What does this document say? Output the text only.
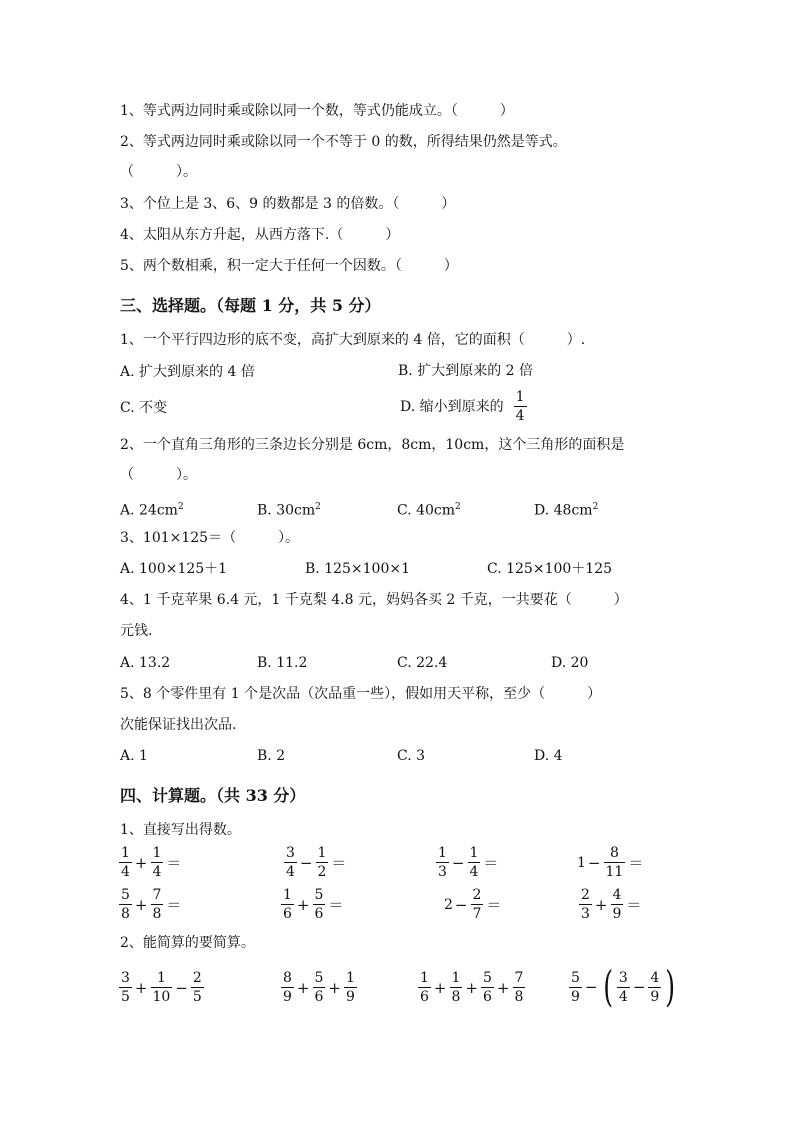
1、等式两边同时乘或除以同一个数，等式仍能成立。（　　　）
2、等式两边同时乘或除以同一个不等于 0 的数，所得结果仍然是等式。
（　　　）。
3、个位上是 3、6、9 的数都是 3 的倍数。（　　　）
4、太阳从东方升起，从西方落下.（　　　）
5、两个数相乘，积一定大于任何一个因数。（　　　）
三、选择题。（每题 1 分，共 5 分）
1、一个平行四边形的底不变，高扩大到原来的 4 倍，它的面积（　　　）.
A. 扩大到原来的 4 倍	B. 扩大到原来的 2 倍
C. 不变	D. 缩小到原来的 $\frac{1}{4}$
2、一个直角三角形的三条边长分别是 6cm，8cm，10cm，这个三角形的面积是
（　　　）。
A. $24cm^2$	B. $30cm^2$	C. $40cm^2$	D. $48cm^2$
3、101×125＝（　　　）。
A. 100×125＋1	B. 125×100×1	C. 125×100＋125
4、1 千克苹果 6.4 元，1 千克梨 4.8 元，妈妈各买 2 千克，一共要花（　　　）
元钱.
A. 13.2	B. 11.2	C. 22.4	D. 20
5、8 个零件里有 1 个是次品（次品重一些），假如用天平称，至少（　　　）
次能保证找出次品.
A. 1	B. 2	C. 3	D. 4
四、计算题。（共 33 分）
1、直接写出得数。
$\frac{1}{4} + \frac{1}{4}$ ＝	$\frac{3}{4} - \frac{1}{2}$ ＝	$\frac{1}{3} - \frac{1}{4}$ ＝	$1 - \frac{8}{11}$ ＝
$\frac{5}{8} + \frac{7}{8}$ ＝	$\frac{1}{6} + \frac{5}{6}$ ＝	$2 - \frac{2}{7}$ ＝	$\frac{2}{3} + \frac{4}{9}$ ＝
2、能简算的要简算。
$\frac{3}{5} + \frac{1}{10} - \frac{2}{5}$	$\frac{8}{9} + \frac{5}{6} + \frac{1}{9}$	$\frac{1}{6} + \frac{1}{8} + \frac{5}{6} + \frac{7}{8}$	$\frac{5}{9}$ − ( $\frac{3}{4} - \frac{4}{9}$ )
